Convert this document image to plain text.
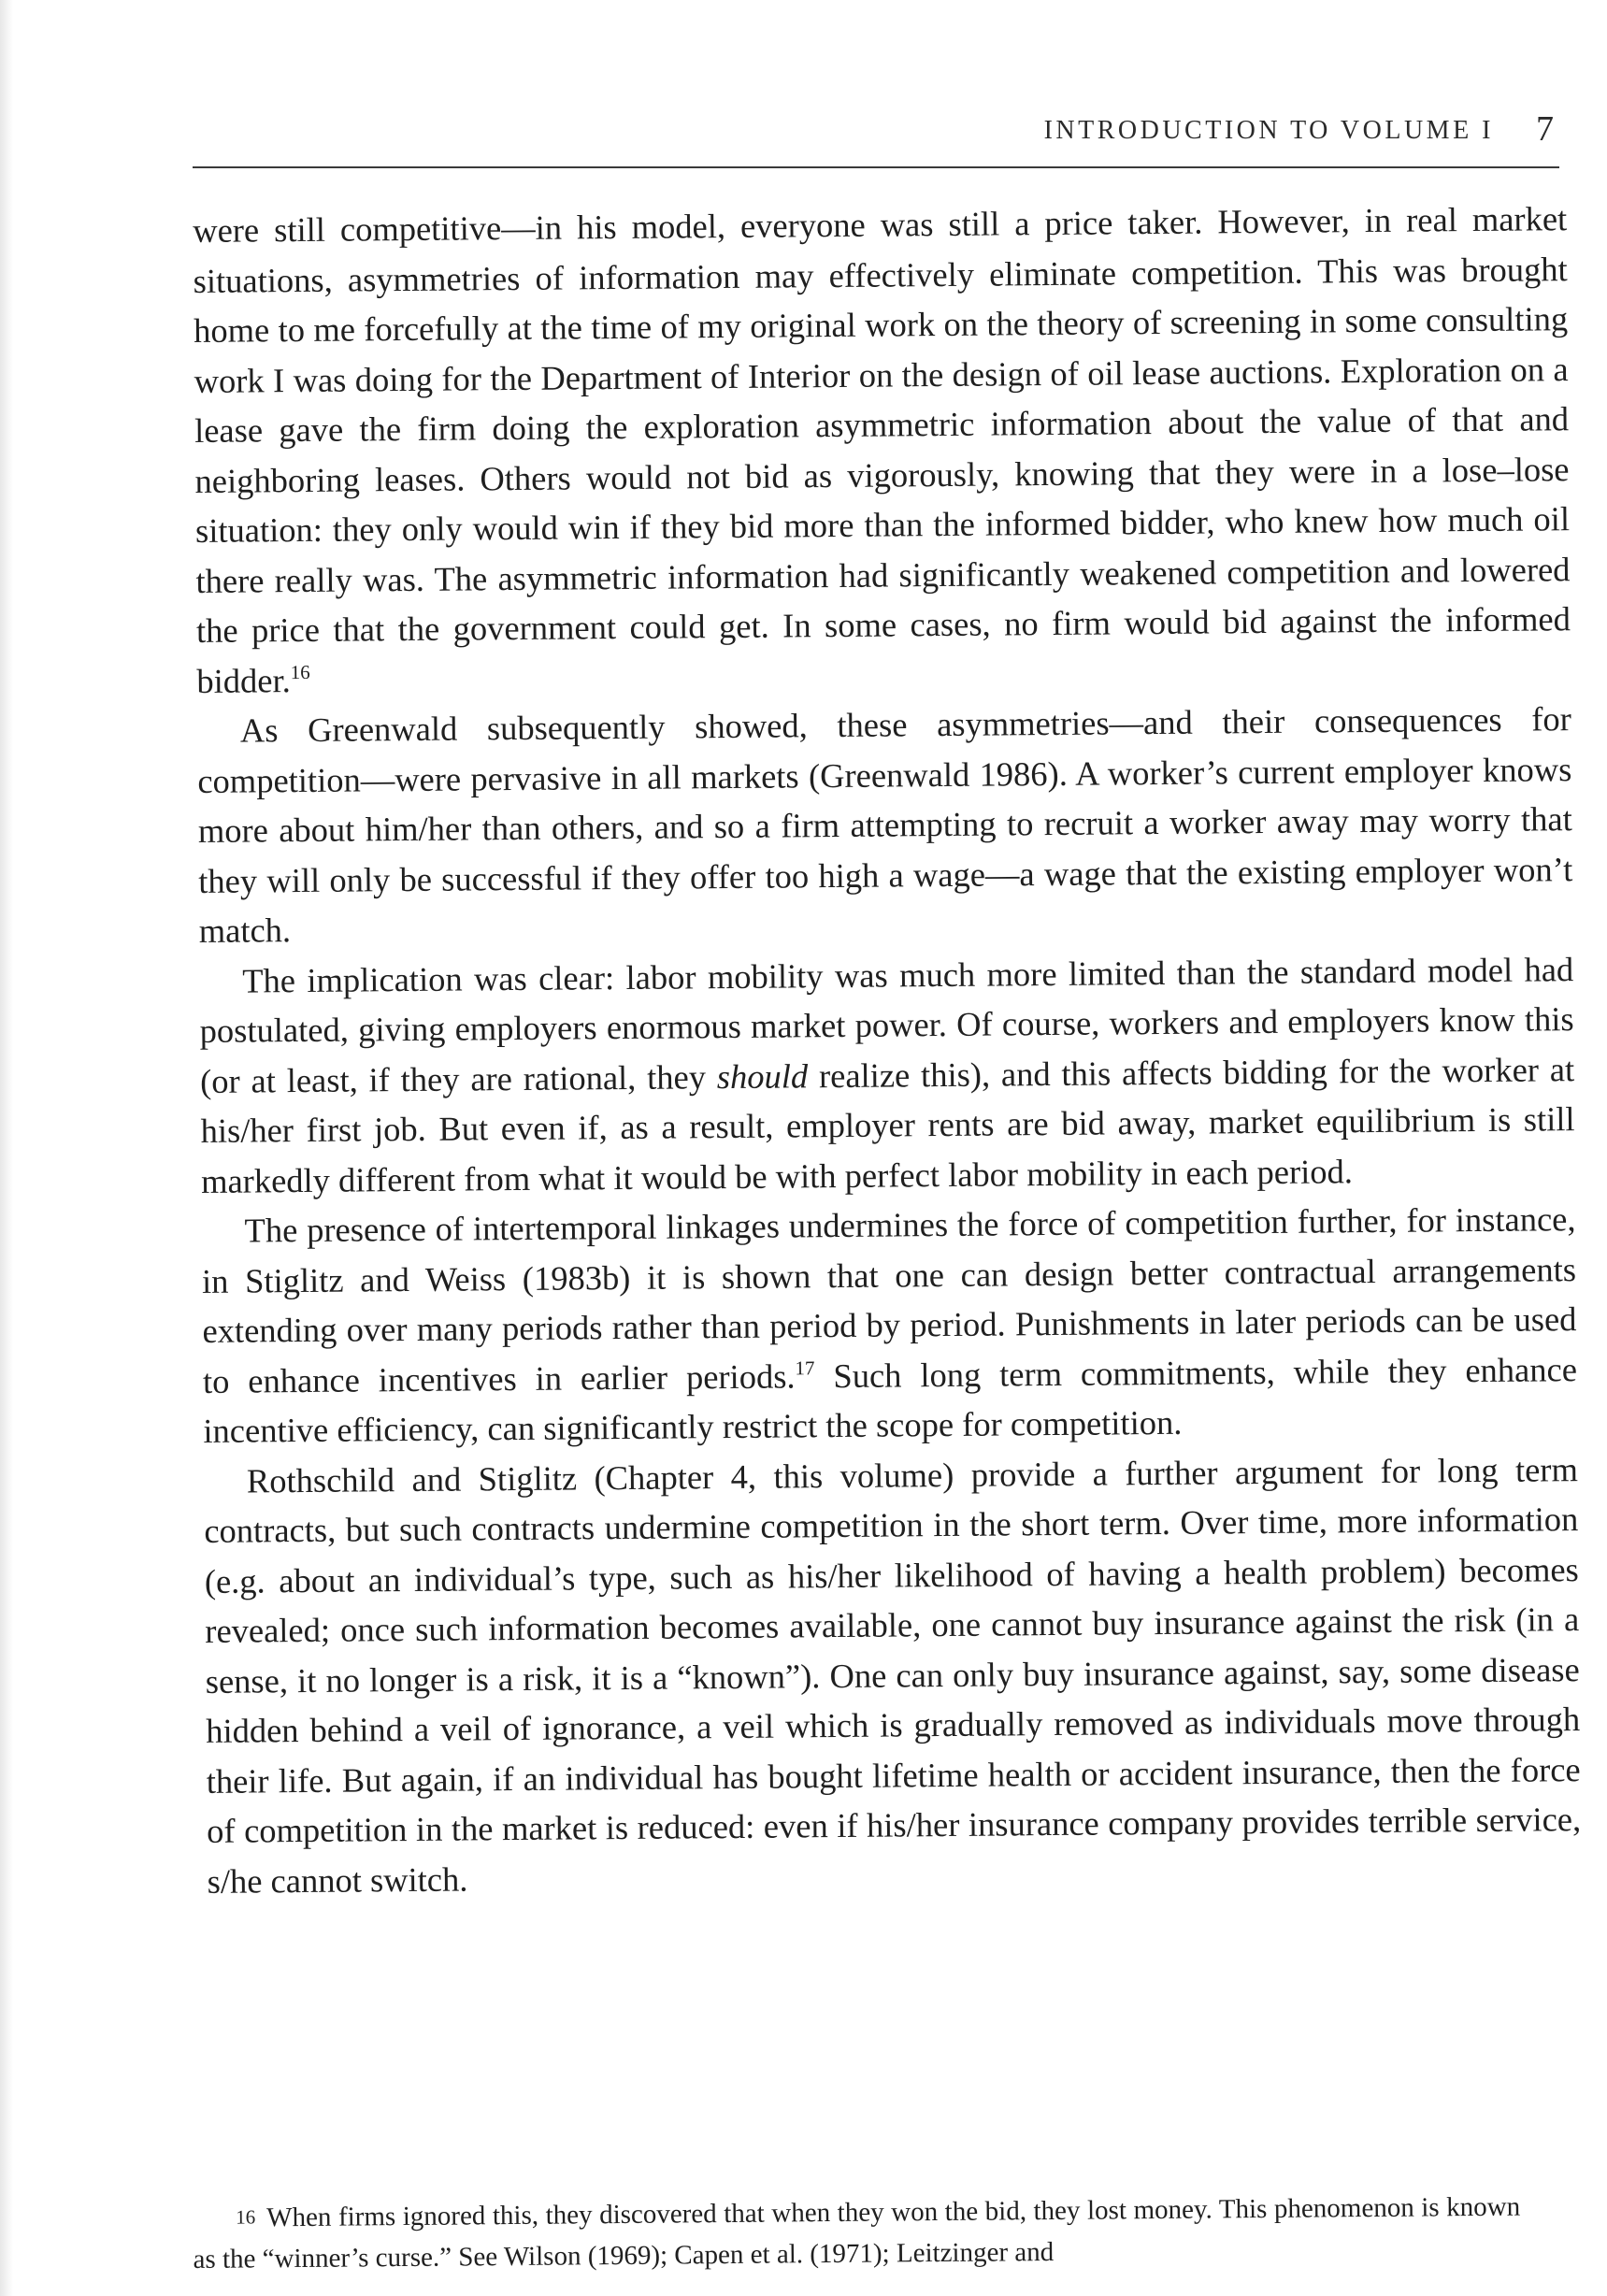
INTRODUCTION TO VOLUME I 7

were still competitive—in his model, everyone was still a price taker. However, in real market situations, asymmetries of information may effectively eliminate competition. This was brought home to me forcefully at the time of my original work on the theory of screening in some consulting work I was doing for the Department of Interior on the design of oil lease auctions. Exploration on a lease gave the firm doing the exploration asymmetric information about the value of that and neighboring leases. Others would not bid as vigorously, knowing that they were in a lose–lose situation: they only would win if they bid more than the informed bidder, who knew how much oil there really was. The asymmetric information had significantly weakened competition and lowered the price that the government could get. In some cases, no firm would bid against the informed bidder.$^{16}$

As Greenwald subsequently showed, these asymmetries—and their consequences for competition—were pervasive in all markets (Greenwald 1986). A worker’s current employer knows more about him/her than others, and so a firm attempting to recruit a worker away may worry that they will only be successful if they offer too high a wage—a wage that the existing employer won’t match.

The implication was clear: labor mobility was much more limited than the standard model had postulated, giving employers enormous market power. Of course, workers and employers know this (or at least, if they are rational, they should realize this), and this affects bidding for the worker at his/her first job. But even if, as a result, employer rents are bid away, market equilibrium is still markedly different from what it would be with perfect labor mobility in each period.

The presence of intertemporal linkages undermines the force of competition further, for instance, in Stiglitz and Weiss (1983b) it is shown that one can design better contractual arrangements extending over many periods rather than period by period. Punishments in later periods can be used to enhance incentives in earlier periods.$^{17}$ Such long term commitments, while they enhance incentive efficiency, can significantly restrict the scope for competition.

Rothschild and Stiglitz (Chapter 4, this volume) provide a further argument for long term contracts, but such contracts undermine competition in the short term. Over time, more information (e.g. about an individual’s type, such as his/her likelihood of having a health problem) becomes revealed; once such information becomes available, one cannot buy insurance against the risk (in a sense, it no longer is a risk, it is a “known”). One can only buy insurance against, say, some disease hidden behind a veil of ignorance, a veil which is gradually removed as individuals move through their life. But again, if an individual has bought lifetime health or accident insurance, then the force of competition in the market is reduced: even if his/her insurance company provides terrible service, s/he cannot switch.

16 When firms ignored this, they discovered that when they won the bid, they lost money. This phenomenon is known as the “winner’s curse.” See Wilson (1969); Capen et al. (1971); Leitzinger and
